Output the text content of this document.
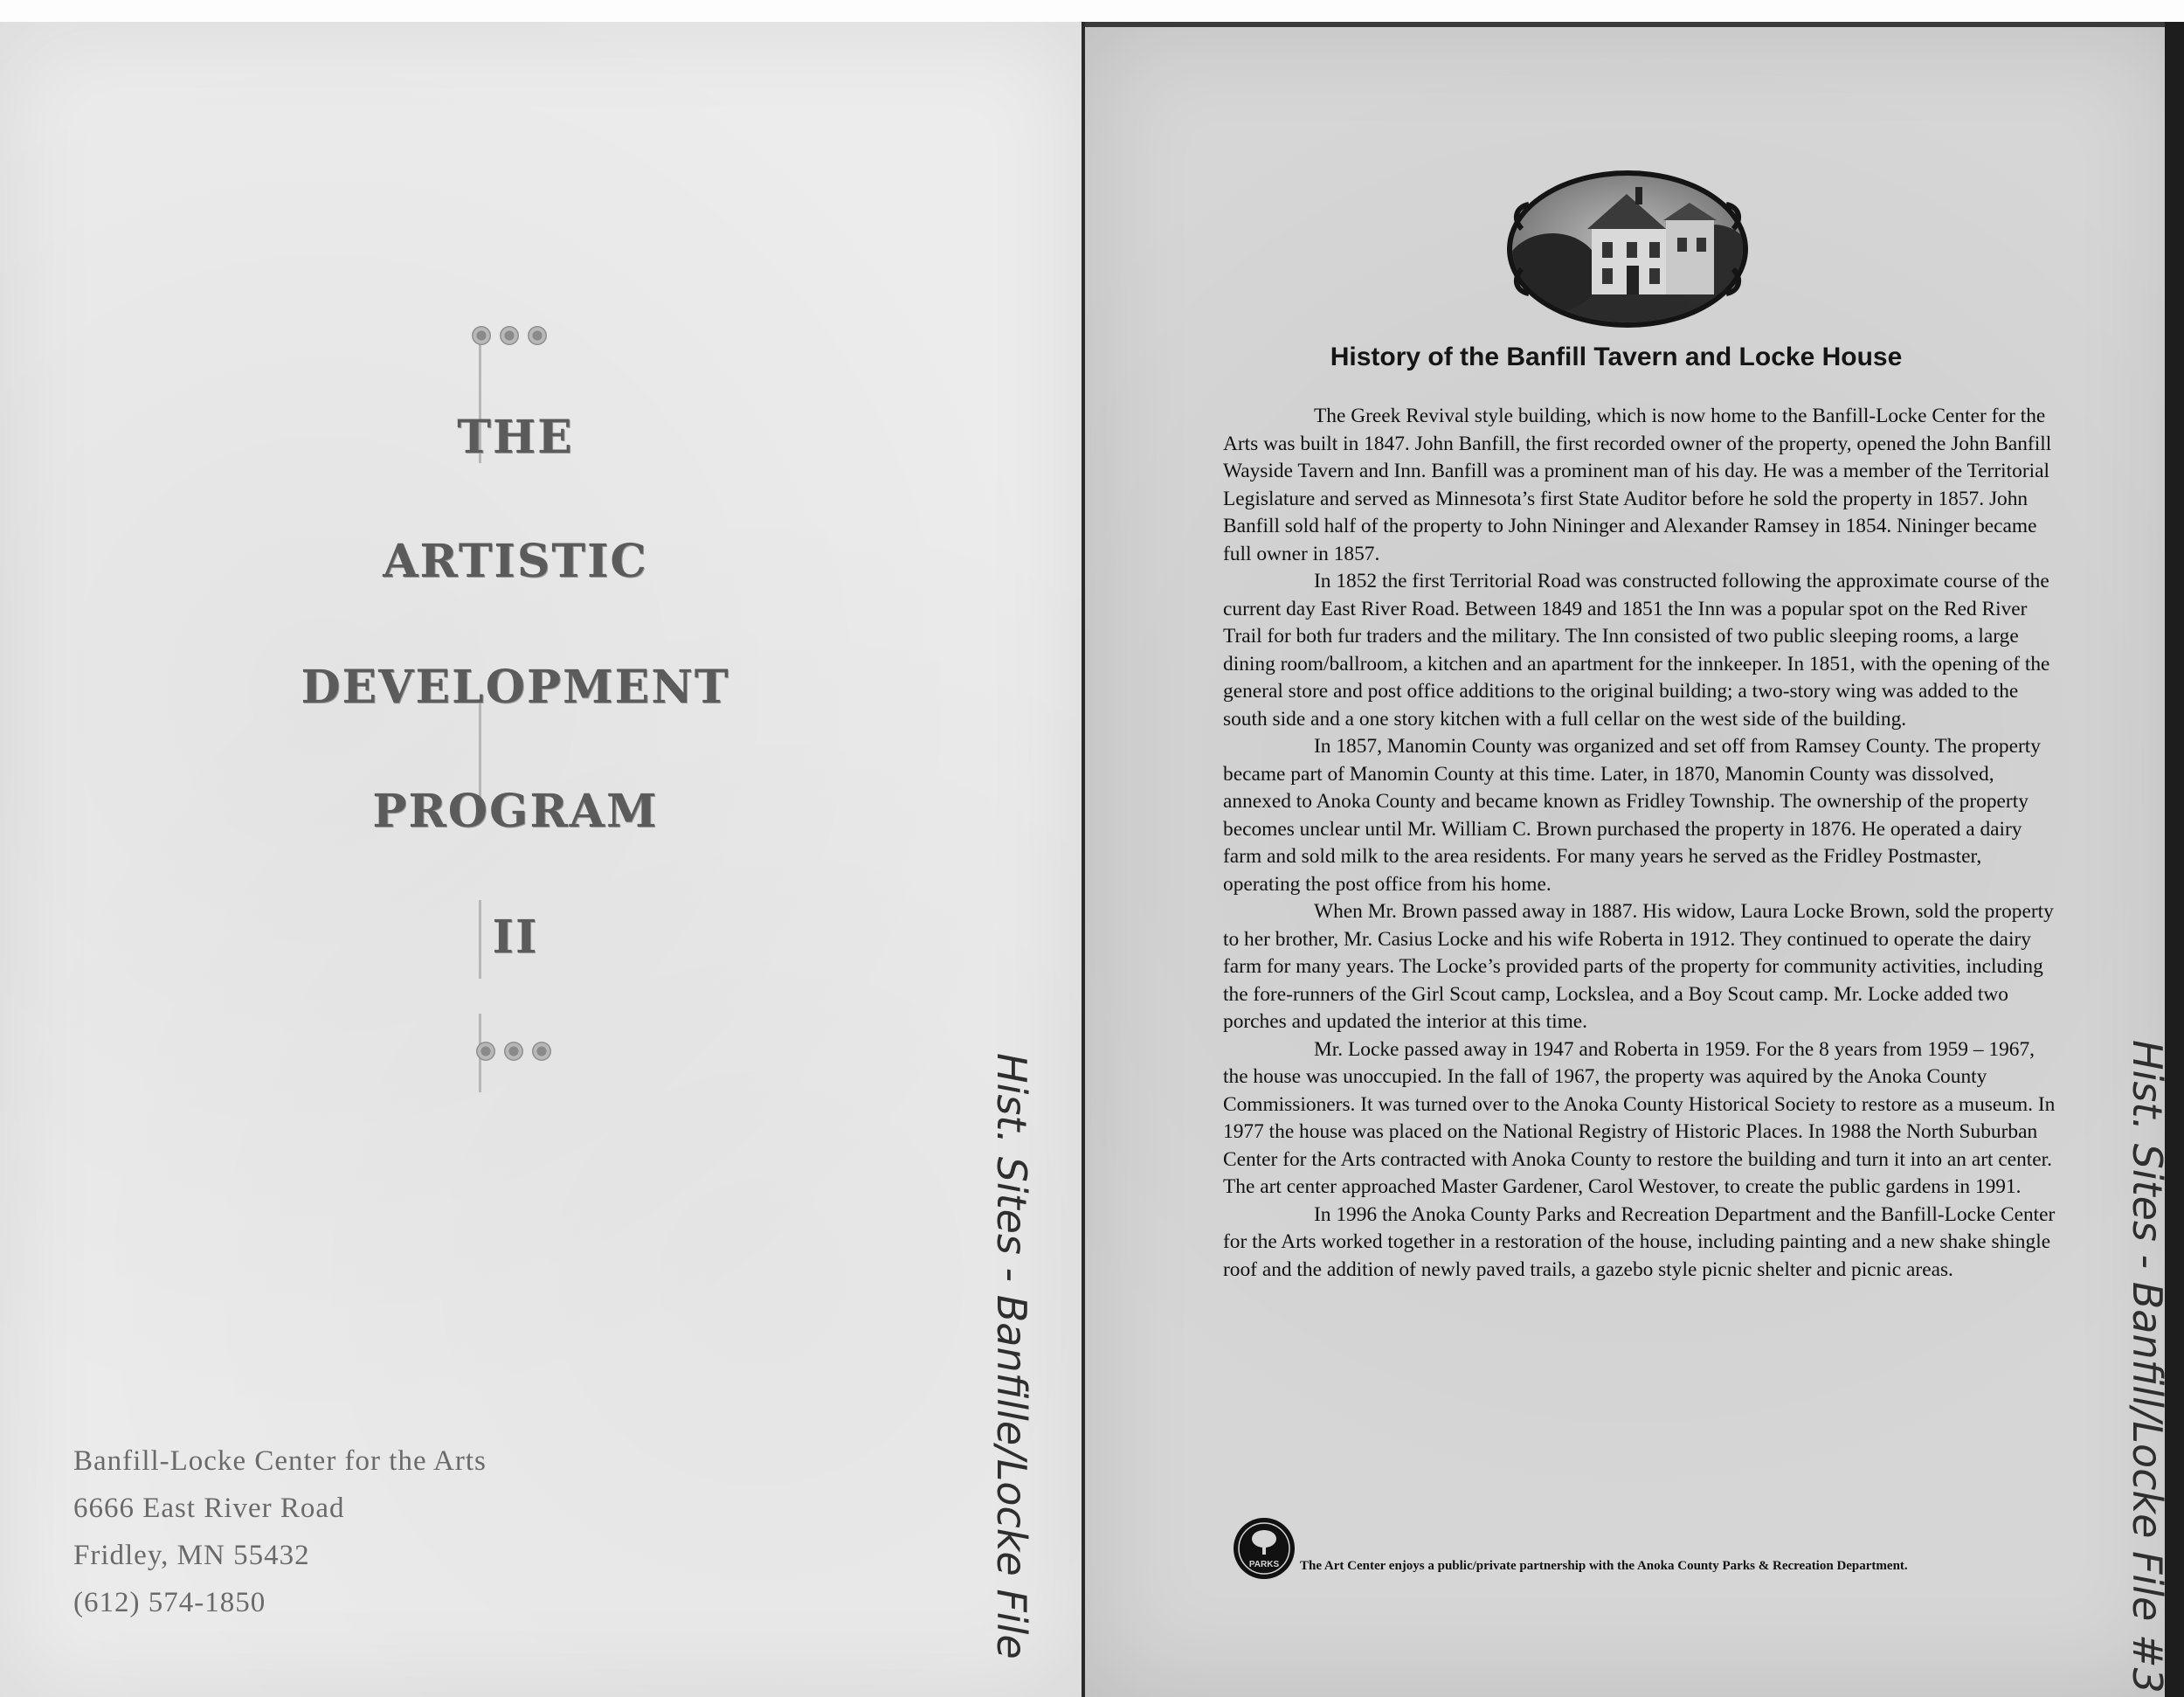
THE
ARTISTIC
DEVELOPMENT
PROGRAM
II
Banfill-Locke Center for the Arts
6666 East River Road
Fridley, MN 55432
(612) 574-1850	Hist. Sites - Banfille/Locke File
History of the Banfill Tavern and Locke House

The Greek Revival style building, which is now home to the Banfill-Locke Center for the Arts was built in 1847. John Banfill, the first recorded owner of the property, opened the John Banfill Wayside Tavern and Inn. Banfill was a prominent man of his day. He was a member of the Territorial Legislature and served as Minnesota’s first State Auditor before he sold the property in 1857. John Banfill sold half of the property to John Nininger and Alexander Ramsey in 1854. Nininger became full owner in 1857.

In 1852 the first Territorial Road was constructed following the approximate course of the current day East River Road. Between 1849 and 1851 the Inn was a popular spot on the Red River Trail for both fur traders and the military. The Inn consisted of two public sleeping rooms, a large dining room/ballroom, a kitchen and an apartment for the innkeeper. In 1851, with the opening of the general store and post office additions to the original building; a two-story wing was added to the south side and a one story kitchen with a full cellar on the west side of the building.

In 1857, Manomin County was organized and set off from Ramsey County. The property became part of Manomin County at this time. Later, in 1870, Manomin County was dissolved, annexed to Anoka County and became known as Fridley Township. The ownership of the property becomes unclear until Mr. William C. Brown purchased the property in 1876. He operated a dairy farm and sold milk to the area residents. For many years he served as the Fridley Postmaster, operating the post office from his home.

When Mr. Brown passed away in 1887. His widow, Laura Locke Brown, sold the property to her brother, Mr. Casius Locke and his wife Roberta in 1912. They continued to operate the dairy farm for many years. The Locke’s provided parts of the property for community activities, including the fore-runners of the Girl Scout camp, Lockslea, and a Boy Scout camp. Mr. Locke added two porches and updated the interior at this time.

Mr. Locke passed away in 1947 and Roberta in 1959. For the 8 years from 1959 – 1967, the house was unoccupied. In the fall of 1967, the property was aquired by the Anoka County Commissioners. It was turned over to the Anoka County Historical Society to restore as a museum. In 1977 the house was placed on the National Registry of Historic Places. In 1988 the North Suburban Center for the Arts contracted with Anoka County to restore the building and turn it into an art center. The art center approached Master Gardener, Carol Westover, to create the public gardens in 1991.

In 1996 the Anoka County Parks and Recreation Department and the Banfill-Locke Center for the Arts worked together in a restoration of the house, including painting and a new shake shingle roof and the addition of newly paved trails, a gazebo style picnic shelter and picnic areas.

PARKS The Art Center enjoys a public/private partnership with the Anoka County Parks & Recreation Department.	Hist. Sites - Banfill/Locke File #3
